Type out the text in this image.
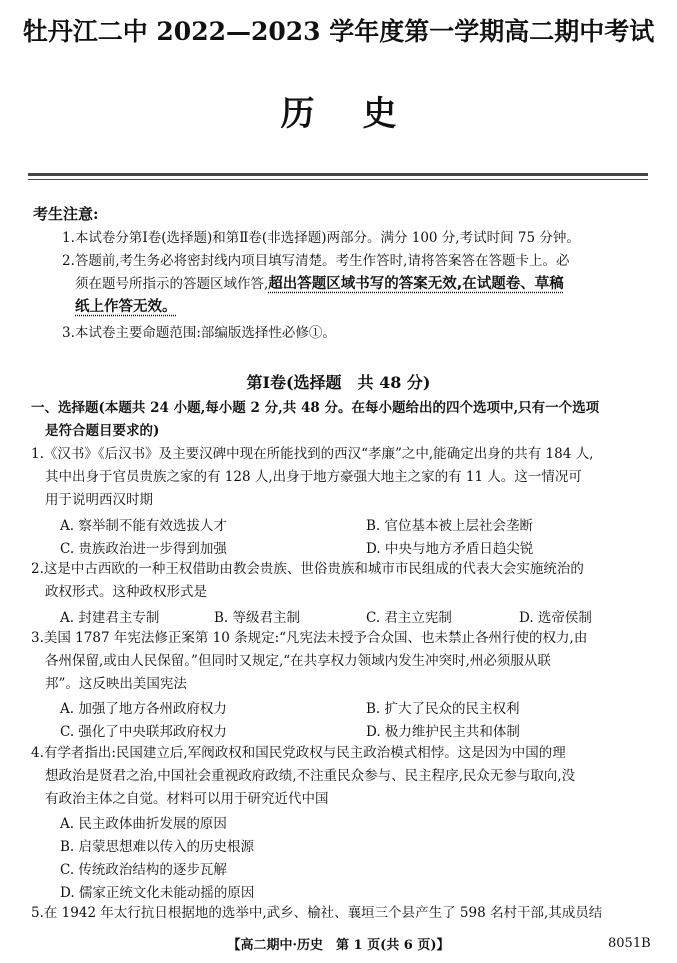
牡丹江二中 2022—2023 学年度第一学期高二期中考试
历史
考生注意:
1.本试卷分第Ⅰ卷(选择题)和第Ⅱ卷(非选择题)两部分。满分 100 分,考试时间 75 分钟。
2.答题前,考生务必将密封线内项目填写清楚。考生作答时,请将答案答在答题卡上。必
须在题号所指示的答题区域作答,超出答题区域书写的答案无效,在试题卷、草稿
纸上作答无效。
3.本试卷主要命题范围:部编版选择性必修①。
第Ⅰ卷(选择题　共 48 分)
一、选择题(本题共 24 小题,每小题 2 分,共 48 分。在每小题给出的四个选项中,只有一个选项
是符合题目要求的)
1.《汉书》《后汉书》及主要汉碑中现在所能找到的西汉“孝廉”之中,能确定出身的共有 184 人,
其中出身于官员贵族之家的有 128 人,出身于地方豪强大地主之家的有 11 人。这一情况可
用于说明西汉时期
A. 察举制不能有效选拔人才	B. 官位基本被上层社会垄断
C. 贵族政治进一步得到加强	D. 中央与地方矛盾日趋尖锐
2.这是中古西欧的一种王权借助由教会贵族、世俗贵族和城市市民组成的代表大会实施统治的
政权形式。这种政权形式是
A. 封建君主专制	B. 等级君主制	C. 君主立宪制	D. 选帝侯制
3.美国 1787 年宪法修正案第 10 条规定:“凡宪法未授予合众国、也未禁止各州行使的权力,由
各州保留,或由人民保留。”但同时又规定,“在共享权力领域内发生冲突时,州必须服从联
邦”。这反映出美国宪法
A. 加强了地方各州政府权力	B. 扩大了民众的民主权利
C. 强化了中央联邦政府权力	D. 极力维护民主共和体制
4.有学者指出:民国建立后,军阀政权和国民党政权与民主政治模式相悖。这是因为中国的理
想政治是贤君之治,中国社会重视政府政绩,不注重民众参与、民主程序,民众无参与取向,没
有政治主体之自觉。材料可以用于研究近代中国
A. 民主政体曲折发展的原因
B. 启蒙思想难以传入的历史根源
C. 传统政治结构的逐步瓦解
D. 儒家正统文化未能动摇的原因
5.在 1942 年太行抗日根据地的选举中,武乡、榆社、襄垣三个县产生了 598 名村干部,其成员结
【高二期中·历史　第 1 页(共 6 页)】	8051B
